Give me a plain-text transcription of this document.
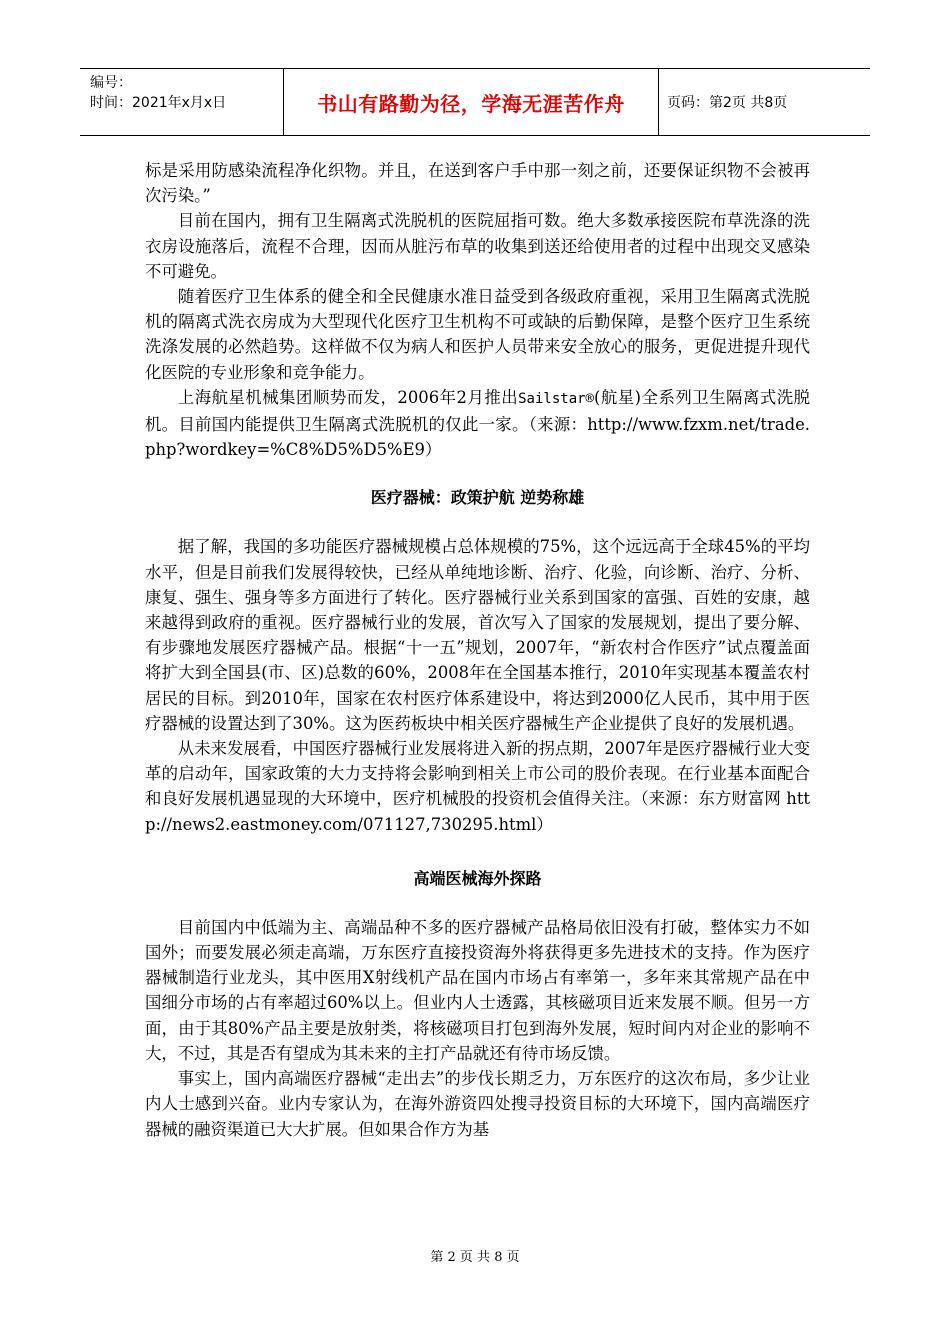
编号：
时间：2021年x月x日	书山有路勤为径，学海无涯苦作舟	页码：第2页 共8页

标是采用防感染流程净化织物。并且，在送到客户手中那一刻之前，还要保证织物不会被再次污染。”

目前在国内，拥有卫生隔离式洗脱机的医院屈指可数。绝大多数承接医院布草洗涤的洗衣房设施落后，流程不合理，因而从脏污布草的收集到送还给使用者的过程中出现交叉感染不可避免。

随着医疗卫生体系的健全和全民健康水准日益受到各级政府重视，采用卫生隔离式洗脱机的隔离式洗衣房成为大型现代化医疗卫生机构不可或缺的后勤保障，是整个医疗卫生系统洗涤发展的必然趋势。这样做不仅为病人和医护人员带来安全放心的服务，更促进提升现代化医院的专业形象和竞争能力。

上海航星机械集团顺势而发，2006年2月推出Sailstar®(航星)全系列卫生隔离式洗脱机。目前国内能提供卫生隔离式洗脱机的仅此一家。（来源：http://www.fzxm.net/trade.php?wordkey=%C8%D5%D5%E9）

医疗器械：政策护航 逆势称雄

据了解，我国的多功能医疗器械规模占总体规模的75%，这个远远高于全球45%的平均水平，但是目前我们发展得较快，已经从单纯地诊断、治疗、化验，向诊断、治疗、分析、康复、强生、强身等多方面进行了转化。医疗器械行业关系到国家的富强、百姓的安康，越来越得到政府的重视。医疗器械行业的发展，首次写入了国家的发展规划，提出了要分解、有步骤地发展医疗器械产品。根据“十一五”规划，2007年，“新农村合作医疗”试点覆盖面将扩大到全国县(市、区)总数的60%，2008年在全国基本推行，2010年实现基本覆盖农村居民的目标。到2010年，国家在农村医疗体系建设中，将达到2000亿人民币，其中用于医疗器械的设置达到了30%。这为医药板块中相关医疗器械生产企业提供了良好的发展机遇。

从未来发展看，中国医疗器械行业发展将进入新的拐点期，2007年是医疗器械行业大变革的启动年，国家政策的大力支持将会影响到相关上市公司的股价表现。在行业基本面配合和良好发展机遇显现的大环境中，医疗机械股的投资机会值得关注。（来源：东方财富网 http://news2.eastmoney.com/071127,730295.html）

高端医械海外探路

目前国内中低端为主、高端品种不多的医疗器械产品格局依旧没有打破，整体实力不如国外；而要发展必须走高端，万东医疗直接投资海外将获得更多先进技术的支持。作为医疗器械制造行业龙头，其中医用X射线机产品在国内市场占有率第一，多年来其常规产品在中国细分市场的占有率超过60%以上。但业内人士透露，其核磁项目近来发展不顺。但另一方面，由于其80%产品主要是放射类，将核磁项目打包到海外发展，短时间内对企业的影响不大，不过，其是否有望成为其未来的主打产品就还有待市场反馈。

事实上，国内高端医疗器械“走出去”的步伐长期乏力，万东医疗的这次布局，多少让业内人士感到兴奋。业内专家认为，在海外游资四处搜寻投资目标的大环境下，国内高端医疗器械的融资渠道已大大扩展。但如果合作方为基

第 2 页 共 8 页
